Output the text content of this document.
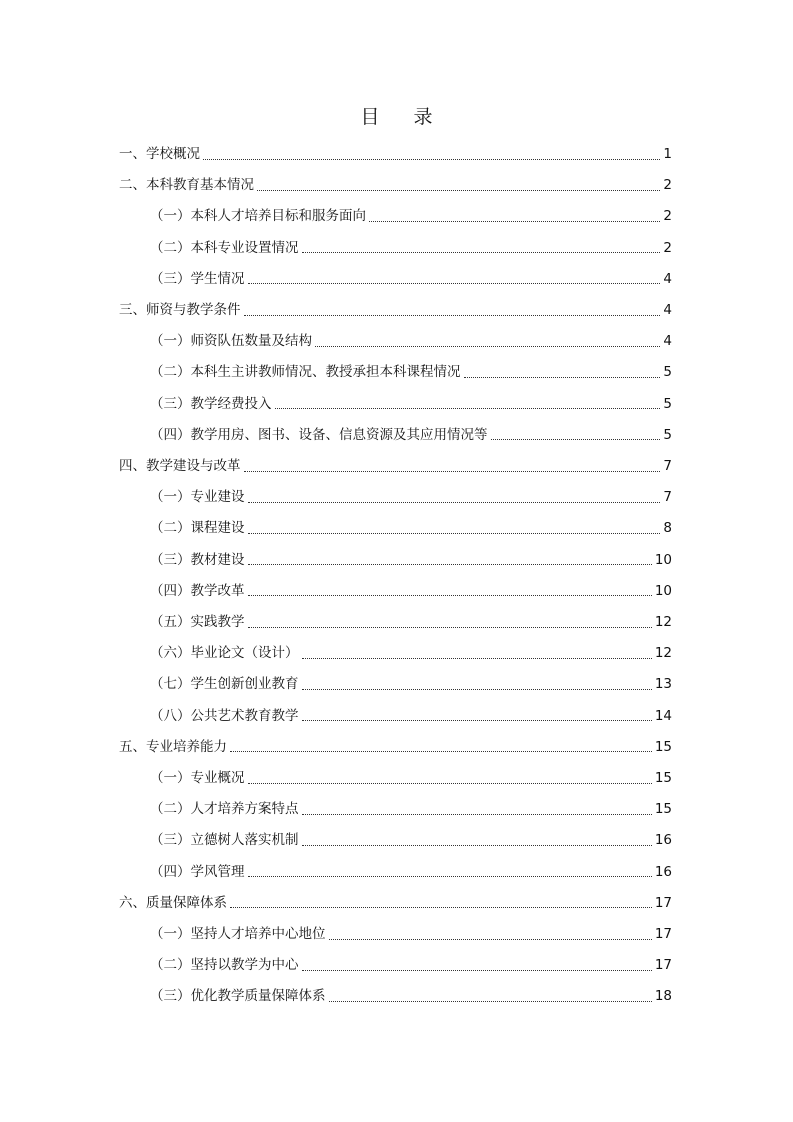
目 录
一、学校概况	1
二、本科教育基本情况	2
（一）本科人才培养目标和服务面向	2
（二）本科专业设置情况	2
（三）学生情况	4
三、师资与教学条件	4
（一）师资队伍数量及结构	4
（二）本科生主讲教师情况、教授承担本科课程情况	5
（三）教学经费投入	5
（四）教学用房、图书、设备、信息资源及其应用情况等	5
四、教学建设与改革	7
（一）专业建设	7
（二）课程建设	8
（三）教材建设	10
（四）教学改革	10
（五）实践教学	12
（六）毕业论文（设计）	12
（七）学生创新创业教育	13
（八）公共艺术教育教学	14
五、专业培养能力	15
（一）专业概况	15
（二）人才培养方案特点	15
（三）立德树人落实机制	16
（四）学风管理	16
六、质量保障体系	17
（一）坚持人才培养中心地位	17
（二）坚持以教学为中心	17
（三）优化教学质量保障体系	18
